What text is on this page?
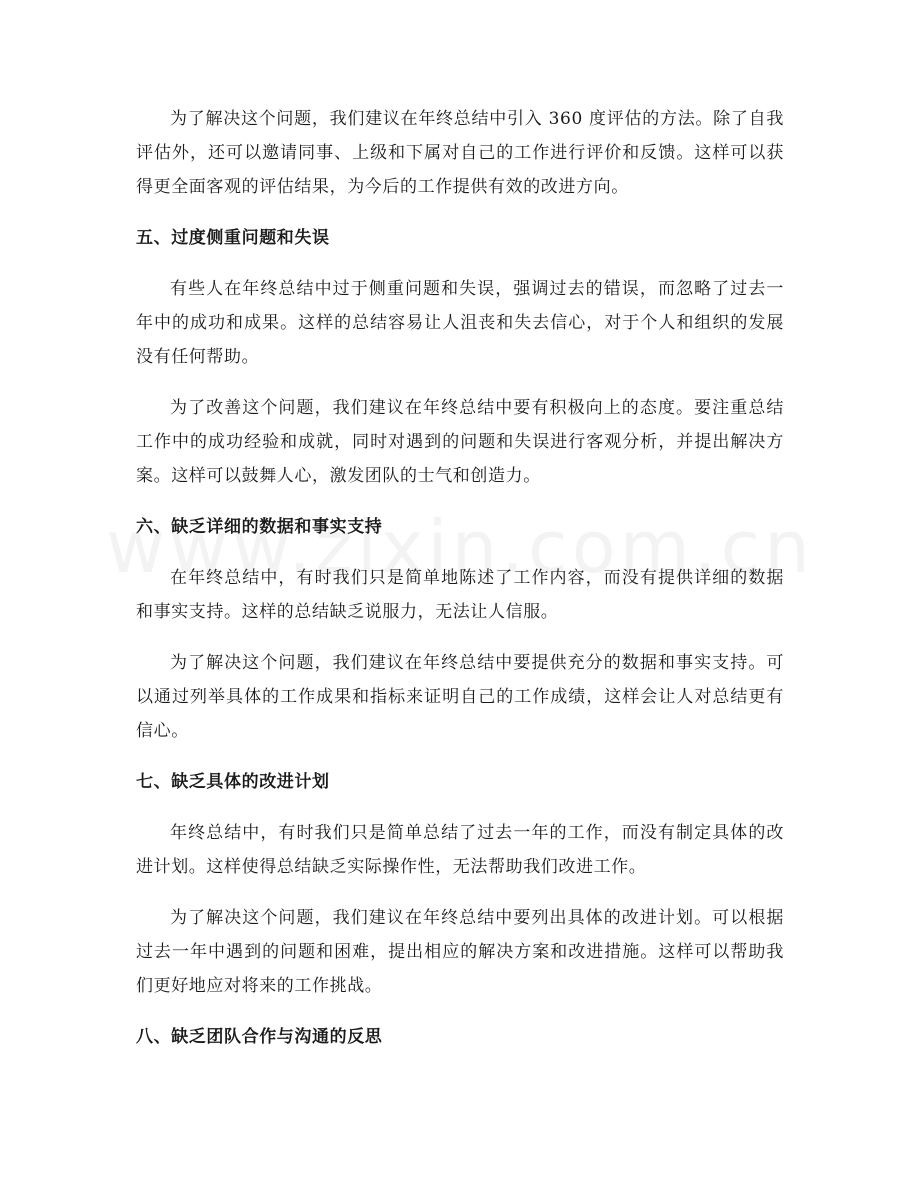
为了解决这个问题，我们建议在年终总结中引入 360 度评估的方法。除了自我评估外，还可以邀请同事、上级和下属对自己的工作进行评价和反馈。这样可以获得更全面客观的评估结果，为今后的工作提供有效的改进方向。

五、过度侧重问题和失误

有些人在年终总结中过于侧重问题和失误，强调过去的错误，而忽略了过去一年中的成功和成果。这样的总结容易让人沮丧和失去信心，对于个人和组织的发展没有任何帮助。

为了改善这个问题，我们建议在年终总结中要有积极向上的态度。要注重总结工作中的成功经验和成就，同时对遇到的问题和失误进行客观分析，并提出解决方案。这样可以鼓舞人心，激发团队的士气和创造力。

六、缺乏详细的数据和事实支持

在年终总结中，有时我们只是简单地陈述了工作内容，而没有提供详细的数据和事实支持。这样的总结缺乏说服力，无法让人信服。

为了解决这个问题，我们建议在年终总结中要提供充分的数据和事实支持。可以通过列举具体的工作成果和指标来证明自己的工作成绩，这样会让人对总结更有信心。

七、缺乏具体的改进计划

年终总结中，有时我们只是简单总结了过去一年的工作，而没有制定具体的改进计划。这样使得总结缺乏实际操作性，无法帮助我们改进工作。

为了解决这个问题，我们建议在年终总结中要列出具体的改进计划。可以根据过去一年中遇到的问题和困难，提出相应的解决方案和改进措施。这样可以帮助我们更好地应对将来的工作挑战。

八、缺乏团队合作与沟通的反思
